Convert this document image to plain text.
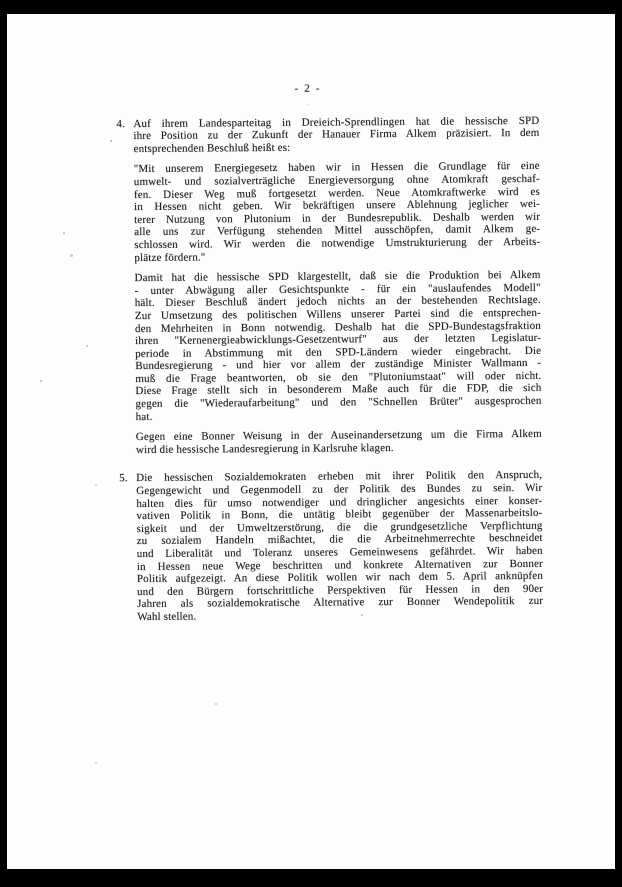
- 2 -
4. Auf ihrem Landesparteitag in Dreieich-Sprendlingen hat die hessische SPD
ihre Position zu der Zukunft der Hanauer Firma Alkem präzisiert. In dem
entsprechenden Beschluß heißt es:
"Mit unserem Energiegesetz haben wir in Hessen die Grundlage für eine
umwelt- und sozialverträgliche Energieversorgung ohne Atomkraft geschaf-
fen. Dieser Weg muß fortgesetzt werden. Neue Atomkraftwerke wird es
in Hessen nicht geben. Wir bekräftigen unsere Ablehnung jeglicher wei-
terer Nutzung von Plutonium in der Bundesrepublik. Deshalb werden wir
alle uns zur Verfügung stehenden Mittel ausschöpfen, damit Alkem ge-
schlossen wird. Wir werden die notwendige Umstrukturierung der Arbeits-
plätze fördern."
Damit hat die hessische SPD klargestellt, daß sie die Produktion bei Alkem
- unter Abwägung aller Gesichtspunkte - für ein "auslaufendes Modell"
hält. Dieser Beschluß ändert jedoch nichts an der bestehenden Rechtslage.
Zur Umsetzung des politischen Willens unserer Partei sind die entsprechen-
den Mehrheiten in Bonn notwendig. Deshalb hat die SPD-Bundestagsfraktion
ihren "Kernenergieabwicklungs-Gesetzentwurf" aus der letzten Legislatur-
periode in Abstimmung mit den SPD-Ländern wieder eingebracht. Die
Bundesregierung - und hier vor allem der zuständige Minister Wallmann -
muß die Frage beantworten, ob sie den "Plutoniumstaat" will oder nicht.
Diese Frage stellt sich in besonderem Maße auch für die FDP, die sich
gegen die "Wiederaufarbeitung" und den "Schnellen Brüter" ausgesprochen
hat.
Gegen eine Bonner Weisung in der Auseinandersetzung um die Firma Alkem
wird die hessische Landesregierung in Karlsruhe klagen.
5. Die hessischen Sozialdemokraten erheben mit ihrer Politik den Anspruch,
Gegengewicht und Gegenmodell zu der Politik des Bundes zu sein. Wir
halten dies für umso notwendiger und dringlicher angesichts einer konser-
vativen Politik in Bonn, die untätig bleibt gegenüber der Massenarbeitslo-
sigkeit und der Umweltzerstörung, die die grundgesetzliche Verpflichtung
zu sozialem Handeln mißachtet, die die Arbeitnehmerrechte beschneidet
und Liberalität und Toleranz unseres Gemeinwesens gefährdet. Wir haben
in Hessen neue Wege beschritten und konkrete Alternativen zur Bonner
Politik aufgezeigt. An diese Politik wollen wir nach dem 5. April anknüpfen
und den Bürgern fortschrittliche Perspektiven für Hessen in den 90er
Jahren als sozialdemokratische Alternative zur Bonner Wendepolitik zur
Wahl stellen.
